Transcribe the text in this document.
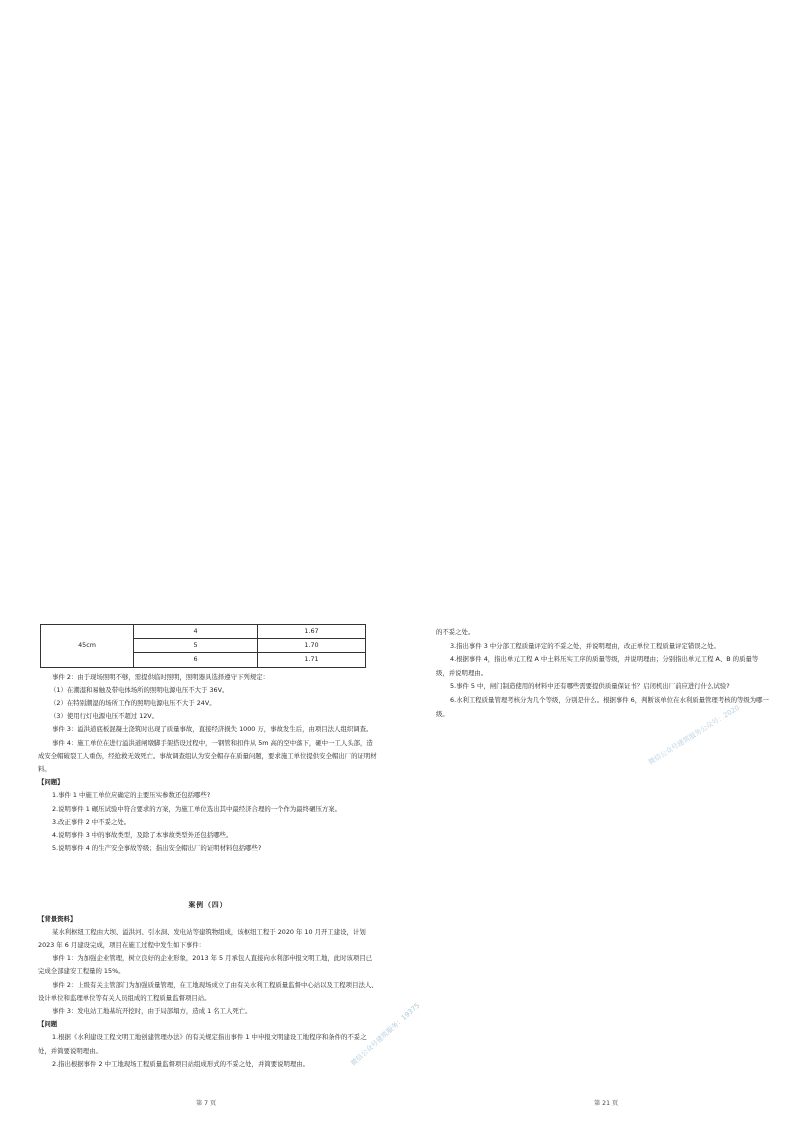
45cm	4	1.67
	5	1.70
	6	1.71

事件 2：由于现场照明不够，需提供临时照明，照明器具选择遵守下列规定：

（1）在潮湿和易触及带电体场所的照明电源电压不大于 36V。

（2）在特别潮湿的场所工作的照明电源电压不大于 24V。

（3）使用行灯电源电压不超过 12V。

事件 3：溢洪道底板混凝土浇筑时出现了质量事故，直接经济损失 1000 万，事故发生后，由项目法人组织调查。

事件 4：施工单位在进行溢洪道闸墩脚手架搭设过程中，一钢管和扣件从 5m 高的空中落下，砸中一工人头部，造成安全帽破裂工人重伤，经抢救无效死亡。事故调查组认为安全帽存在质量问题，要求施工单位提供安全帽出厂的证明材料。

【问题】

1.事件 1 中施工单位应确定的主要压实参数还包括哪些?

2.说明事件 1 碾压试验中符合要求的方案，为施工单位选出其中最经济合理的一个作为最终碾压方案。

3.改正事件 2 中不妥之处。

4.说明事件 3 中的事故类型，及除了本事故类型外还包括哪些。

5.说明事件 4 的生产安全事故等级；指出安全帽出厂的证明材料包括哪些?

案例（四）

【背景资料】

某水利枢纽工程由大坝、溢洪河、引水洞、发电站等建筑物组成，该枢纽工程于 2020 年 10 月开工建设，计划 2023 年 6 月建设完成，项目在施工过程中发生如下事件：

事件 1：为加强企业管理，树立良好的企业形象，2013 年 5 月承包人直接向水利部申报文明工地，此时该项目已完成全部建安工程量的 15%。

事件 2：上级有关主管部门为加强质量管理，在工地现场成立了由有关水利工程质量监督中心站以及工程项目法人、设计单位和监理单位等有关人员组成的工程质量监督项目站。

事件 3：发电站工地基坑开挖时，由于局部塌方，造成 1 名工人死亡。

【问题

1.根据《水利建设工程文明工地创建管理办法》的有关规定指出事件 1 中申报文明建设工地程序和条件的不妥之处，并简要说明理由。

2.指出根据事件 2 中工地现场工程质量监督项目站组成形式的不妥之处，并简要说明理由。

的不妥之处。

3.指出事件 3 中分部工程质量评定的不妥之处，并说明理由，改正单位工程质量评定错误之处。

4.根据事件 4，指出单元工程 A 中土料压实工序的质量等级，并说明理由；分别指出单元工程 A、B 的质量等级，并说明理由。

5.事件 5 中，闸门制造使用的材料中还有哪些需要提供质量保证书？启闭机出厂前应进行什么试验?

6.水利工程质量管理考核分为几个等级，分别是什么。根据事件 6，判断该单位在水利质量管理考核的等级为哪一级。

第 7 页	第 21 页
微信公众号建筑服务公众号：2020
微信公众号建筑服务：19375
